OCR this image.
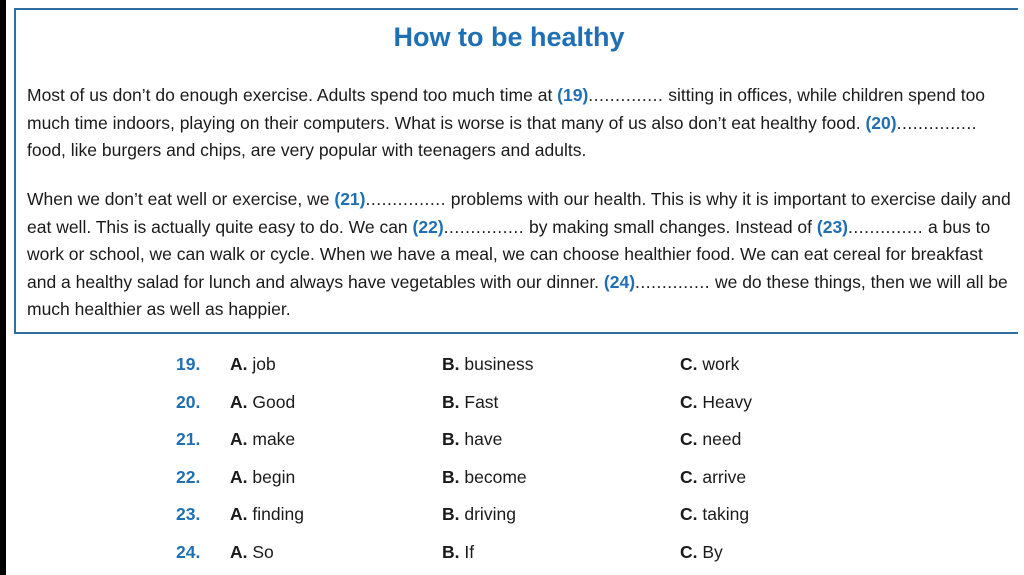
How to be healthy

Most of us don’t do enough exercise. Adults spend too much time at (19).............. sitting in offices, while children spend too much time indoors, playing on their computers. What is worse is that many of us also don’t eat healthy food. (20)............... food, like burgers and chips, are very popular with teenagers and adults.

When we don’t eat well or exercise, we (21)............... problems with our health. This is why it is important to exercise daily and eat well. This is actually quite easy to do. We can (22)............... by making small changes. Instead of (23).............. a bus to work or school, we can walk or cycle. When we have a meal, we can choose healthier food. We can eat cereal for breakfast and a healthy salad for lunch and always have vegetables with our dinner. (24).............. we do these things, then we will all be much healthier as well as happier.

19.	A. job	B. business	C. work
20.	A. Good	B. Fast	C. Heavy
21.	A. make	B. have	C. need
22.	A. begin	B. become	C. arrive
23.	A. finding	B. driving	C. taking
24.	A. So	B. If	C. By
